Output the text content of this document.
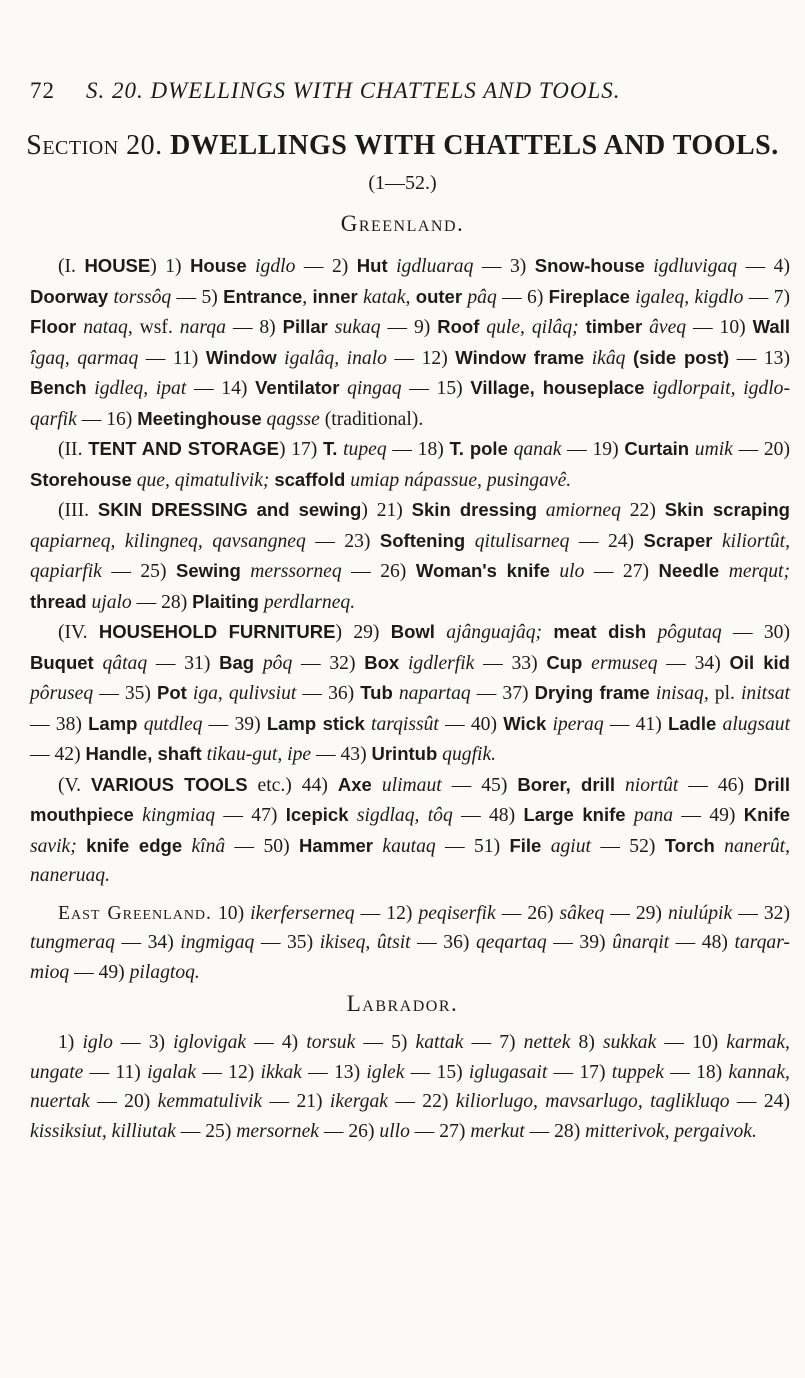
72 S. 20. DWELLINGS WITH CHATTELS AND TOOLS.
Section 20. DWELLINGS WITH CHATTELS AND TOOLS.
(1—52.)
Greenland.

(I. HOUSE) 1) House igdlo — 2) Hut igdluaraq — 3) Snow-house igdluvigaq — 4) Doorway torssôq — 5) Entrance, inner katak, outer pâq — 6) Fireplace igaleq, kigdlo — 7) Floor nataq, wsf. narqa — 8) Pillar sukaq — 9) Roof qule, qilâq; timber âveq — 10) Wall îgaq, qarmaq — 11) Window igalâq, inalo — 12) Window frame ikâq (side post) — 13) Bench igdleq, ipat — 14) Ventilator qingaq — 15) Village, houseplace igdlorpait, igdlo-qarfik — 16) Meetinghouse qagsse (traditional).

(II. TENT AND STORAGE) 17) T. tupeq — 18) T. pole qanak — 19) Curtain umik — 20) Storehouse que, qimatulivik; scaffold umiap nápassue, pusingavê.

(III. SKIN DRESSING and sewing) 21) Skin dressing amiorneq 22) Skin scraping qapiarneq, kilingneq, qavsangneq — 23) Softening qitulisarneq — 24) Scraper kiliortût, qapiarfik — 25) Sewing merssorneq — 26) Woman's knife ulo — 27) Needle merqut; thread ujalo — 28) Plaiting perdlarneq.

(IV. HOUSEHOLD FURNITURE) 29) Bowl ajânguajâq; meat dish pôgutaq — 30) Buquet qâtaq — 31) Bag pôq — 32) Box igdlerfik — 33) Cup ermuseq — 34) Oil kid pôruseq — 35) Pot iga, qulivsiut — 36) Tub napartaq — 37) Drying frame inisaq, pl. initsat — 38) Lamp qutdleq — 39) Lamp stick tarqissût — 40) Wick iperaq — 41) Ladle alugsaut — 42) Handle, shaft tikau-gut, ipe — 43) Urintub qugfik.

(V. VARIOUS TOOLS etc.) 44) Axe ulimaut — 45) Borer, drill niortût — 46) Drill mouthpiece kingmiaq — 47) Icepick sigdlaq, tôq — 48) Large knife pana — 49) Knife savik; knife edge kînâ — 50) Hammer kautaq — 51) File agiut — 52) Torch nanerût, naneruaq.

East Greenland. 10) ikerferserneq — 12) peqiserfik — 26) sâkeq — 29) niulúpik — 32) tungmeraq — 34) ingmigaq — 35) ikiseq, ûtsit — 36) qeqartaq — 39) ûnarqit — 48) tarqar-mioq — 49) pilagtoq.

Labrador.

1) iglo — 3) iglovigak — 4) torsuk — 5) kattak — 7) nettek 8) sukkak — 10) karmak, ungate — 11) igalak — 12) ikkak — 13) iglek — 15) iglugasait — 17) tuppek — 18) kannak, nuertak — 20) kemmatulivik — 21) ikergak — 22) kiliorlugo, mavsarlugo, taglikluqo — 24) kissiksiut, killiutak — 25) mersornek — 26) ullo — 27) merkut — 28) mitterivok, pergaivok.
